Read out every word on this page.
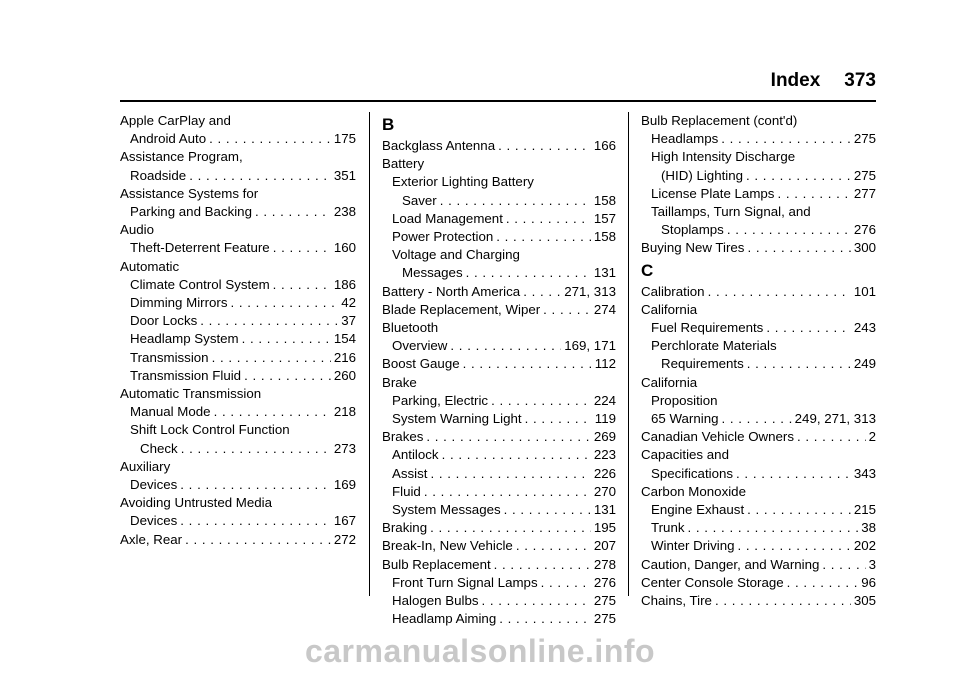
Index 373
Apple CarPlay and
Android Auto . . .	175
Assistance Program,
Roadside . . .	351
Assistance Systems for
Parking and Backing . . .	238
Audio
Theft-Deterrent Feature . . .	160
Automatic
Climate Control System . . .	186
Dimming Mirrors . . .	42
Door Locks . . .	37
Headlamp System . . .	154
Transmission . . .	216
Transmission Fluid . . .	260
Automatic Transmission
Manual Mode . . .	218
Shift Lock Control Function
Check . . .	273
Auxiliary
Devices . . .	169
Avoiding Untrusted Media
Devices . . .	167
Axle, Rear . . .	272
B
Backglass Antenna . . .	166
Battery
Exterior Lighting Battery
Saver . . .	158
Load Management . . .	157
Power Protection . . .	158
Voltage and Charging
Messages . . .	131
Battery - North America . . .	271, 313
Blade Replacement, Wiper . . .	274
Bluetooth
Overview . . .	169, 171
Boost Gauge . . .	112
Brake
Parking, Electric . . .	224
System Warning Light . . .	119
Brakes . . .	269
Antilock . . .	223
Assist . . .	226
Fluid . . .	270
System Messages . . .	131
Braking . . .	195
Break-In, New Vehicle . . .	207
Bulb Replacement . . .	278
Front Turn Signal Lamps . . .	276
Halogen Bulbs . . .	275
Headlamp Aiming . . .	275
Bulb Replacement (cont'd)
Headlamps . . .	275
High Intensity Discharge
(HID) Lighting . . .	275
License Plate Lamps . . .	277
Taillamps, Turn Signal, and
Stoplamps . . .	276
Buying New Tires . . .	300
C
Calibration . . .	101
California
Fuel Requirements . . .	243
Perchlorate Materials
Requirements . . .	249
California
Proposition
65 Warning . . .	249, 271, 313
Canadian Vehicle Owners . . .	2
Capacities and
Specifications . . .	343
Carbon Monoxide
Engine Exhaust . . .	215
Trunk . . .	38
Winter Driving . . .	202
Caution, Danger, and Warning . . .	3
Center Console Storage . . .	96
Chains, Tire . . .	305
carmanualsonline.info
